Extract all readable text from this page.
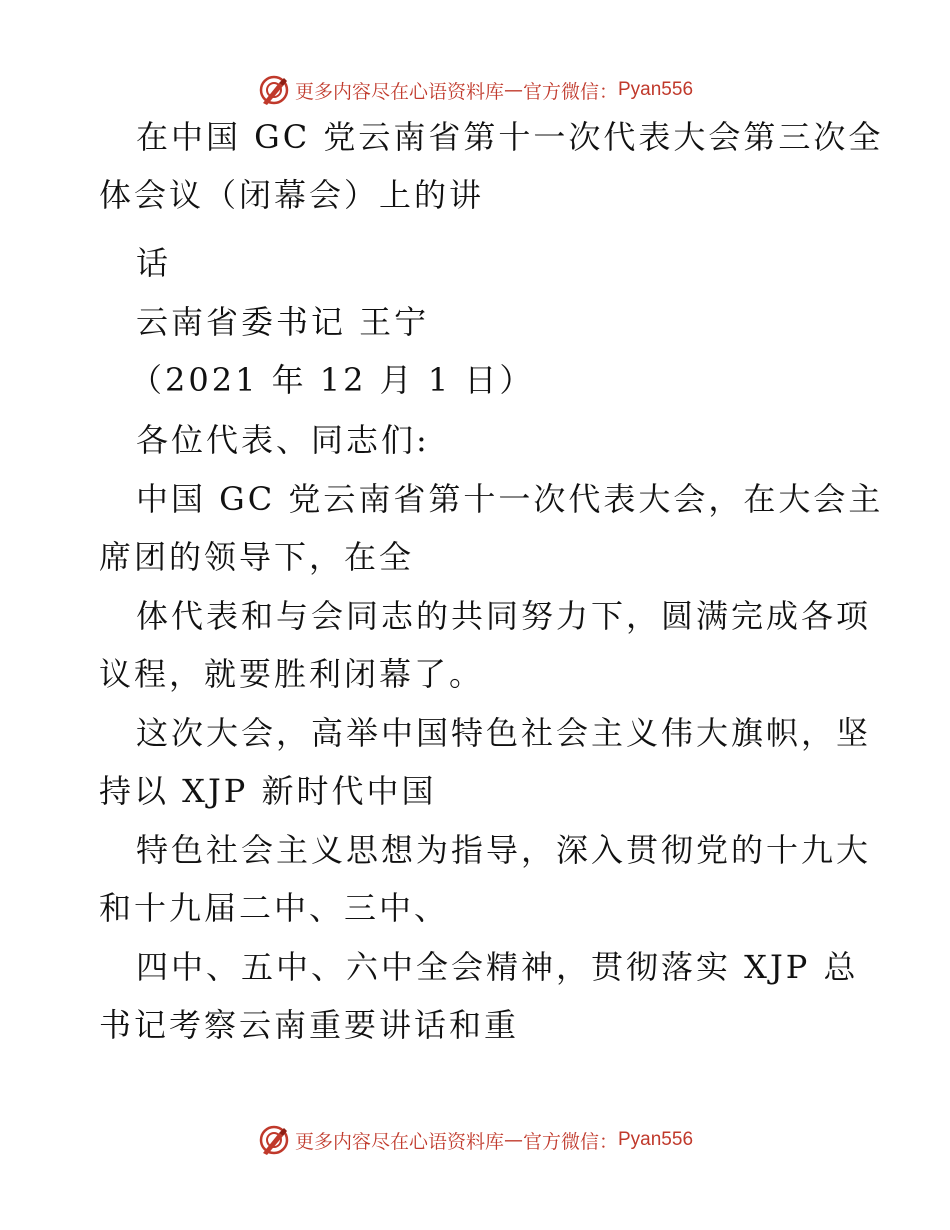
更多内容尽在心语资料库 — 官方微信： Pyan556
在中国 GC 党云南省第十一次代表大会第三次全
体会议（闭幕会）上的讲
话
云南省委书记 王宁
（2021 年 12 月 1 日）
各位代表、同志们:
中国 GC 党云南省第十一次代表大会，在大会主
席团的领导下，在全
体代表和与会同志的共同努力下，圆满完成各项
议程，就要胜利闭幕了。
这次大会，高举中国特色社会主义伟大旗帜，坚
持以 XJP 新时代中国
特色社会主义思想为指导，深入贯彻党的十九大
和十九届二中、三中、
四中、五中、六中全会精神，贯彻落实 XJP 总
书记考察云南重要讲话和重
更多内容尽在心语资料库 — 官方微信： Pyan556
